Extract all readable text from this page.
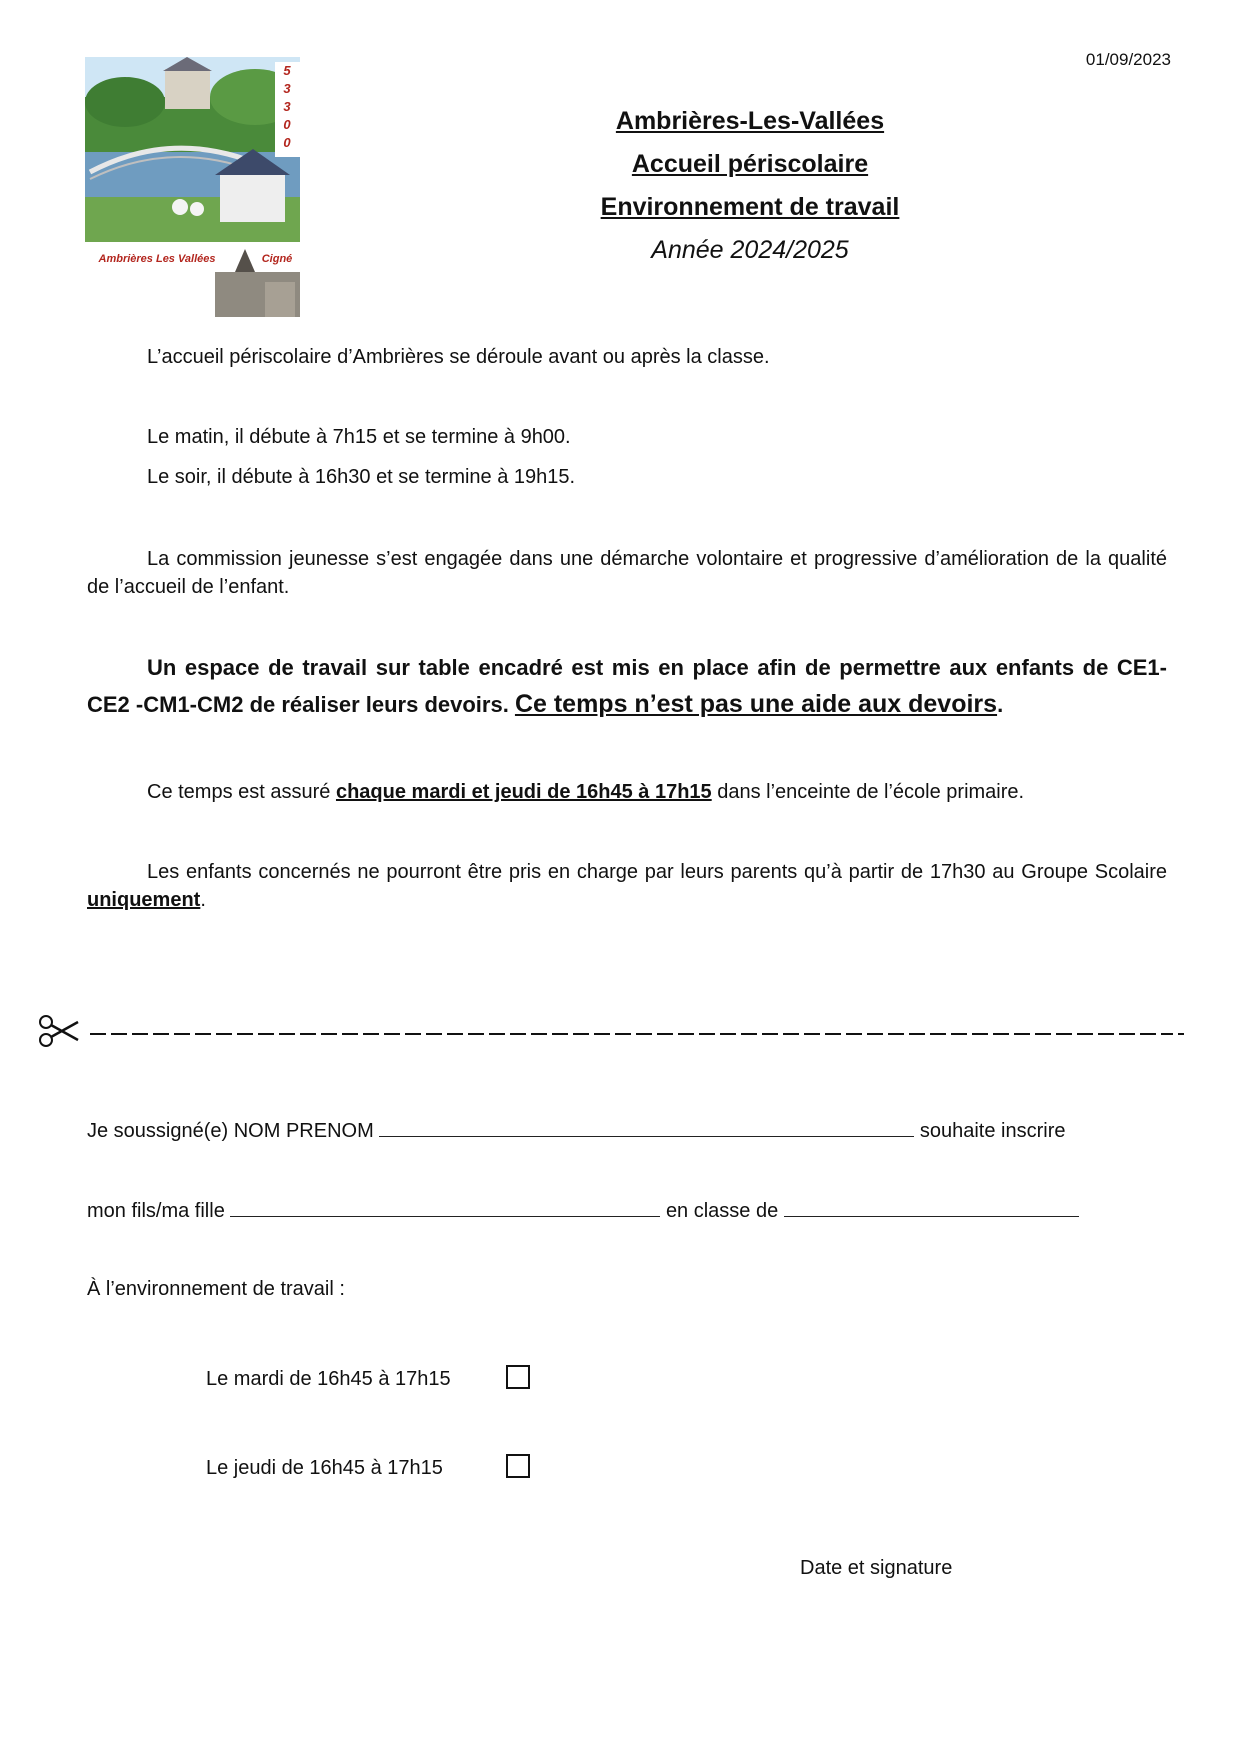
01/09/2023
5
3
3
0
0
Ambrières Les Vallées	Cigné
Ambrières-Les-Vallées
Accueil périscolaire
Environnement de travail
Année 2024/2025
L’accueil périscolaire d’Ambrières se déroule avant ou après la classe.
Le matin, il débute à 7h15 et se termine à 9h00.
Le soir, il débute à 16h30 et se termine à 19h15.
La commission jeunesse s’est engagée dans une démarche volontaire et progressive d’amélioration de la qualité de l’accueil de l’enfant.
Un espace de travail sur table encadré est mis en place afin de permettre aux enfants de CE1-CE2 -CM1-CM2 de réaliser leurs devoirs. Ce temps n’est pas une aide aux devoirs.
Ce temps est assuré chaque mardi et jeudi de 16h45 à 17h15 dans l’enceinte de l’école primaire.
Les enfants concernés ne pourront être pris en charge par leurs parents qu’à partir de 17h30 au Groupe Scolaire uniquement.
Je soussigné(e) NOM PRENOM	souhaite inscrire
mon fils/ma fille	en classe de
À l’environnement de travail :
Le mardi de 16h45 à 17h15
Le jeudi de 16h45 à 17h15
Date et signature
